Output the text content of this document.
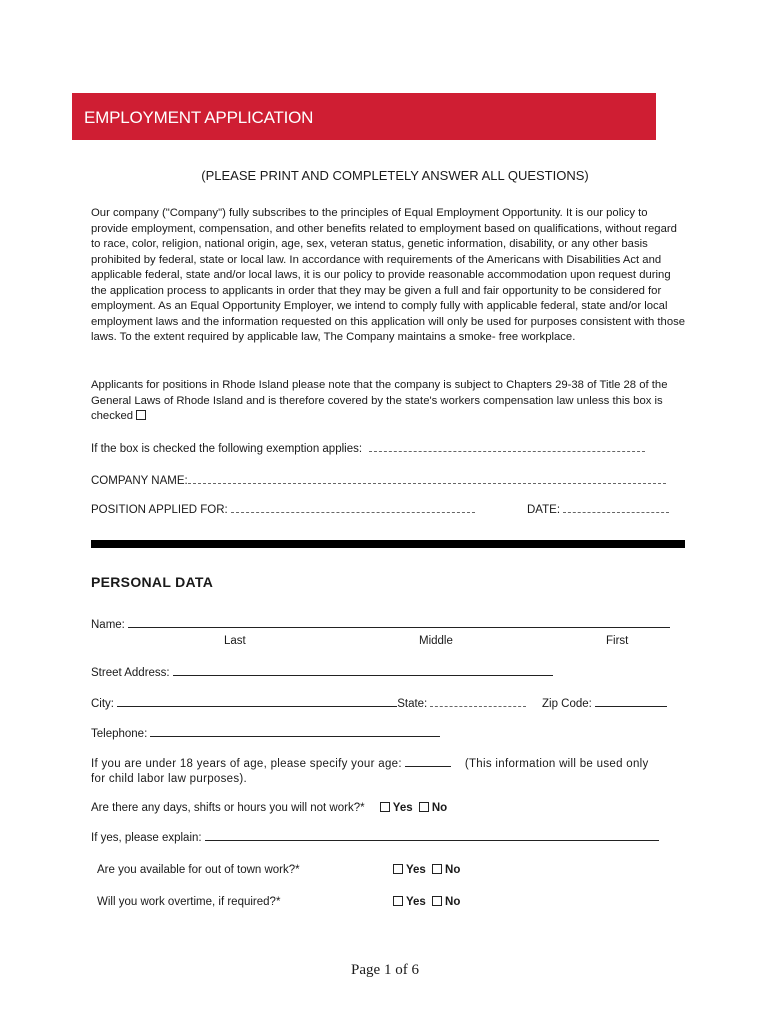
EMPLOYMENT APPLICATION
(PLEASE PRINT AND COMPLETELY ANSWER ALL QUESTIONS)

Our company ("Company") fully subscribes to the principles of Equal Employment Opportunity. It is our policy to provide employment, compensation, and other benefits related to employment based on qualifications, without regard to race, color, religion, national origin, age, sex, veteran status, genetic information, disability, or any other basis prohibited by federal, state or local law. In accordance with requirements of the Americans with Disabilities Act and applicable federal, state and/or local laws, it is our policy to provide reasonable accommodation upon request during the application process to applicants in order that they may be given a full and fair opportunity to be considered for employment. As an Equal Opportunity Employer, we intend to comply fully with applicable federal, state and/or local employment laws and the information requested on this application will only be used for purposes consistent with those laws. To the extent required by applicable law, The Company maintains a smoke- free workplace.

Applicants for positions in Rhode Island please note that the company is subject to Chapters 29-38 of Title 28 of the General Laws of Rhode Island and is therefore covered by the state's workers compensation law unless this box is checked

If the box is checked the following exemption applies:
COMPANY NAME:
POSITION APPLIED FOR:	DATE:
PERSONAL DATA
Name:
Last	Middle	First
Street Address:
City:	State:	Zip Code:
Telephone:
If you are under 18 years of age, please specify your age:	(This information will be used only
for child labor law purposes).
Are there any days, shifts or hours you will not work?* Yes No
If yes, please explain:
Are you available for out of town work?*	Yes No
Will you work overtime, if required?*	Yes No
Page 1 of 6
